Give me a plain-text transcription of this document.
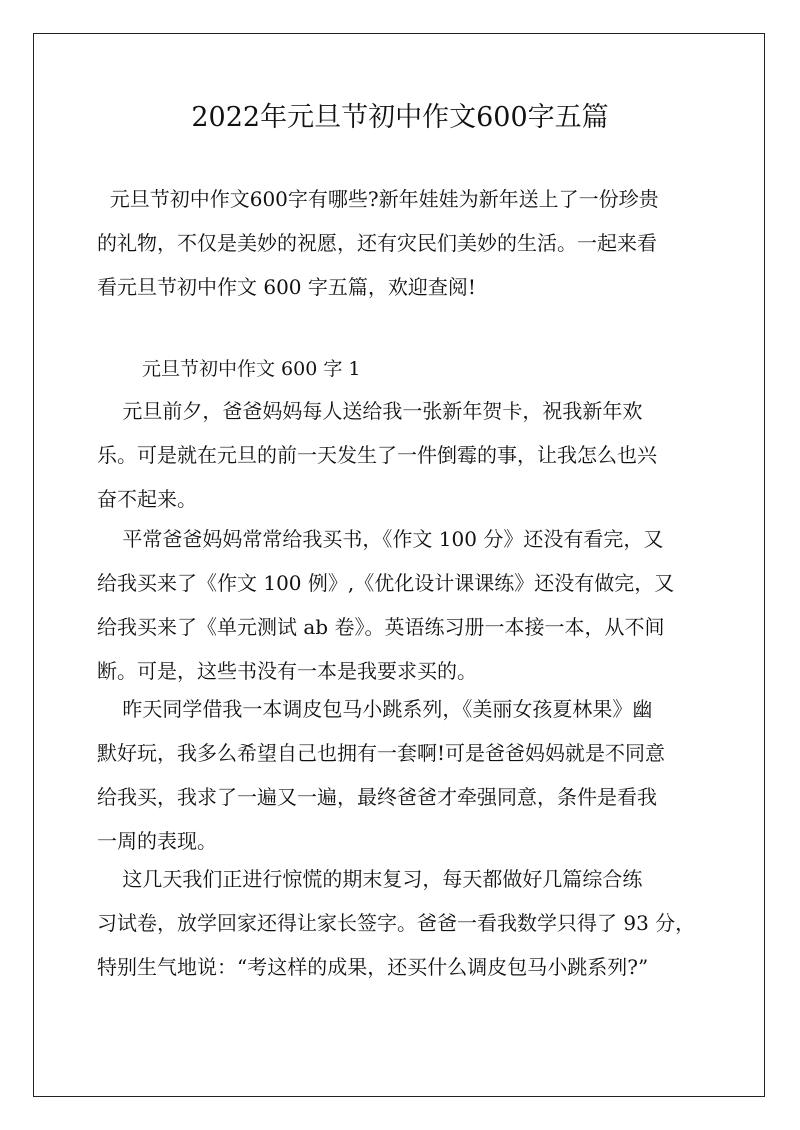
2022年元旦节初中作文600字五篇
元旦节初中作文600字有哪些?新年娃娃为新年送上了一份珍贵
的礼物，不仅是美妙的祝愿，还有灾民们美妙的生活。一起来看
看元旦节初中作文 600 字五篇，欢迎查阅!
元旦节初中作文 600 字 1
元旦前夕，爸爸妈妈每人送给我一张新年贺卡，祝我新年欢
乐。可是就在元旦的前一天发生了一件倒霉的事，让我怎么也兴
奋不起来。
平常爸爸妈妈常常给我买书，《作文 100 分》还没有看完，又
给我买来了《作文 100 例》,《优化设计课课练》还没有做完，又
给我买来了《单元测试 ab 卷》。英语练习册一本接一本，从不间
断。可是，这些书没有一本是我要求买的。
昨天同学借我一本调皮包马小跳系列，《美丽女孩夏林果》幽
默好玩，我多么希望自己也拥有一套啊!可是爸爸妈妈就是不同意
给我买，我求了一遍又一遍，最终爸爸才牵强同意，条件是看我
一周的表现。
这几天我们正进行惊慌的期末复习，每天都做好几篇综合练
习试卷，放学回家还得让家长签字。爸爸一看我数学只得了 93 分，
特别生气地说：“考这样的成果，还买什么调皮包马小跳系列?”
